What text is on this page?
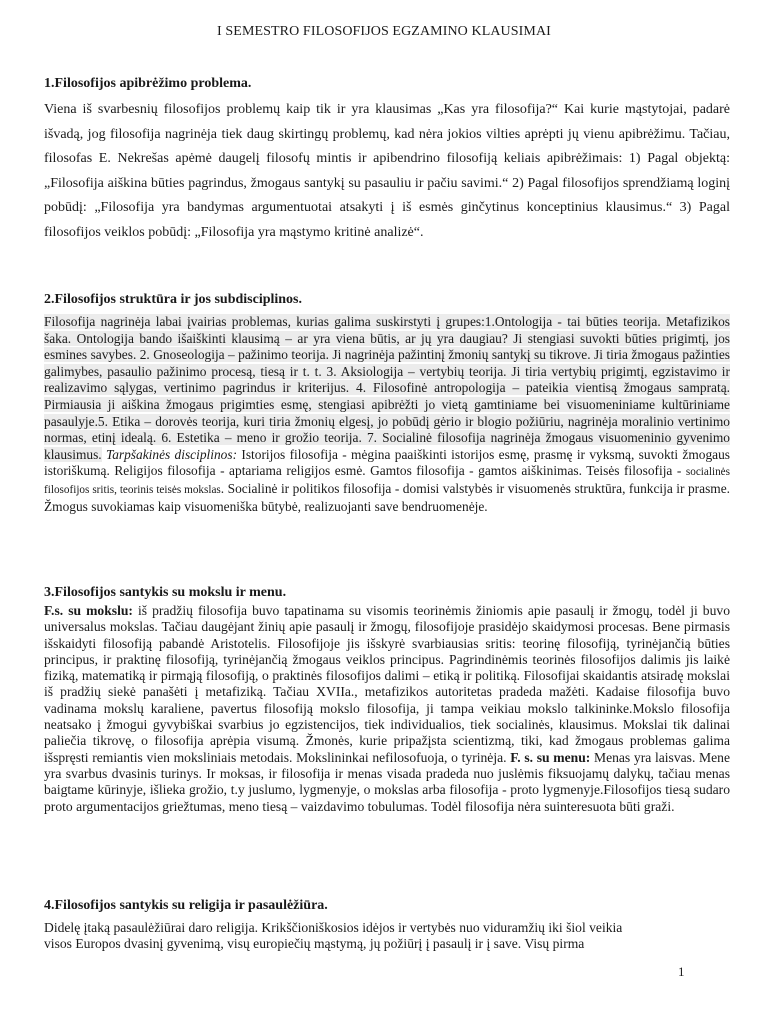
I SEMESTRO FILOSOFIJOS EGZAMINO KLAUSIMAI
1.Filosofijos apibrėžimo problema.

Viena iš svarbesnių filosofijos problemų kaip tik ir yra klausimas „Kas yra filosofija?“ Kai kurie mąstytojai, padarė išvadą, jog filosofija nagrinėja tiek daug skirtingų problemų, kad nėra jokios vilties aprėpti jų vienu apibrėžimu. Tačiau, filosofas E. Nekrešas apėmė daugelį filosofų mintis ir apibendrino filosofiją keliais apibrėžimais: 1) Pagal objektą: „Filosofija aiškina būties pagrindus, žmogaus santykį su pasauliu ir pačiu savimi.“ 2) Pagal filosofijos sprendžiamą loginį pobūdį: „Filosofija yra bandymas argumentuotai atsakyti į iš esmės ginčytinus konceptinius klausimus.“ 3) Pagal filosofijos veiklos pobūdį: „Filosofija yra mąstymo kritinė analizė“.

2.Filosofijos struktūra ir jos subdisciplinos.

Filosofija nagrinėja labai įvairias problemas, kurias galima suskirstyti į grupes:1.Ontologija - tai būties teorija. Metafizikos šaka. Ontologija bando išaiškinti klausimą – ar yra viena būtis, ar jų yra daugiau? Ji stengiasi suvokti būties prigimtį, jos esmines savybes. 2. Gnoseologija – pažinimo teorija. Ji nagrinėja pažintinį žmonių santykį su tikrove. Ji tiria žmogaus pažinties galimybes, pasaulio pažinimo procesą, tiesą ir t. t. 3. Aksiologija – vertybių teorija. Ji tiria vertybių prigimtį, egzistavimo ir realizavimo sąlygas, vertinimo pagrindus ir kriterijus. 4. Filosofinė antropologija – pateikia vientisą žmogaus sampratą. Pirmiausia ji aiškina žmogaus prigimties esmę, stengiasi apibrėžti jo vietą gamtiniame bei visuomeniniame kultūriniame pasaulyje.5. Etika – dorovės teorija, kuri tiria žmonių elgesį, jo pobūdį gėrio ir blogio požiūriu, nagrinėja moralinio vertinimo normas, etinį idealą. 6. Estetika – meno ir grožio teorija. 7. Socialinė filosofija nagrinėja žmogaus visuomeninio gyvenimo klausimus. Tarpšakinės disciplinos: Istorijos filosofija - mėgina paaiškinti istorijos esmę, prasmę ir vyksmą, suvokti žmogaus istoriškumą. Religijos filosofija - aptariama religijos esmė. Gamtos filosofija - gamtos aiškinimas. Teisės filosofija - socialinės filosofijos sritis, teorinis teisės mokslas. Socialinė ir politikos filosofija - domisi valstybės ir visuomenės struktūra, funkcija ir prasme. Žmogus suvokiamas kaip visuomeniška būtybė, realizuojanti save bendruomenėje.

3.Filosofijos santykis su mokslu ir menu.

F.s. su mokslu: iš pradžių filosofija buvo tapatinama su visomis teorinėmis žiniomis apie pasaulį ir žmogų, todėl ji buvo universalus mokslas. Tačiau daugėjant žinių apie pasaulį ir žmogų, filosofijoje prasidėjo skaidymosi procesas. Bene pirmasis išskaidyti filosofiją pabandė Aristotelis. Filosofijoje jis išskyrė svarbiausias sritis: teorinę filosofiją, tyrinėjančią būties principus, ir praktinę filosofiją, tyrinėjančią žmogaus veiklos principus. Pagrindinėmis teorinės filosofijos dalimis jis laikė fiziką, matematiką ir pirmąją filosofiją, o praktinės filosofijos dalimi – etiką ir politiką. Filosofijai skaidantis atsiradę mokslai iš pradžių siekė panašėti į metafiziką. Tačiau XVIIa., metafizikos autoritetas pradeda mažėti. Kadaise filosofija buvo vadinama mokslų karaliene, pavertus filosofiją mokslo filosofija, ji tampa veikiau mokslo talkininke.Mokslo filosofija neatsako į žmogui gyvybiškai svarbius jo egzistencijos, tiek individualios, tiek socialinės, klausimus. Mokslai tik dalinai paliečia tikrovę, o filosofija aprėpia visumą. Žmonės, kurie pripažįsta scientizmą, tiki, kad žmogaus problemas galima išspręsti remiantis vien moksliniais metodais. Mokslininkai nefilosofuoja, o tyrinėja. F. s. su menu: Menas yra laisvas. Mene yra svarbus dvasinis turinys. Ir moksas, ir filosofija ir menas visada pradeda nuo juslėmis fiksuojamų dalykų, tačiau menas baigtame kūrinyje, išlieka grožio, t.y juslumo, lygmenyje, o mokslas arba filosofija - proto lygmenyje.Filosofijos tiesą sudaro proto argumentacijos griežtumas, meno tiesą – vaizdavimo tobulumas. Todėl filosofija nėra suinteresuota būti graži.

4.Filosofijos santykis su religija ir pasaulėžiūra.

Didelę įtaką pasaulėžiūrai daro religija. Krikščioniškosios idėjos ir vertybės nuo viduramžių iki šiol veikia
visos Europos dvasinį gyvenimą, visų europiečių mąstymą, jų požiūrį į pasaulį ir į save. Visų pirma

1
